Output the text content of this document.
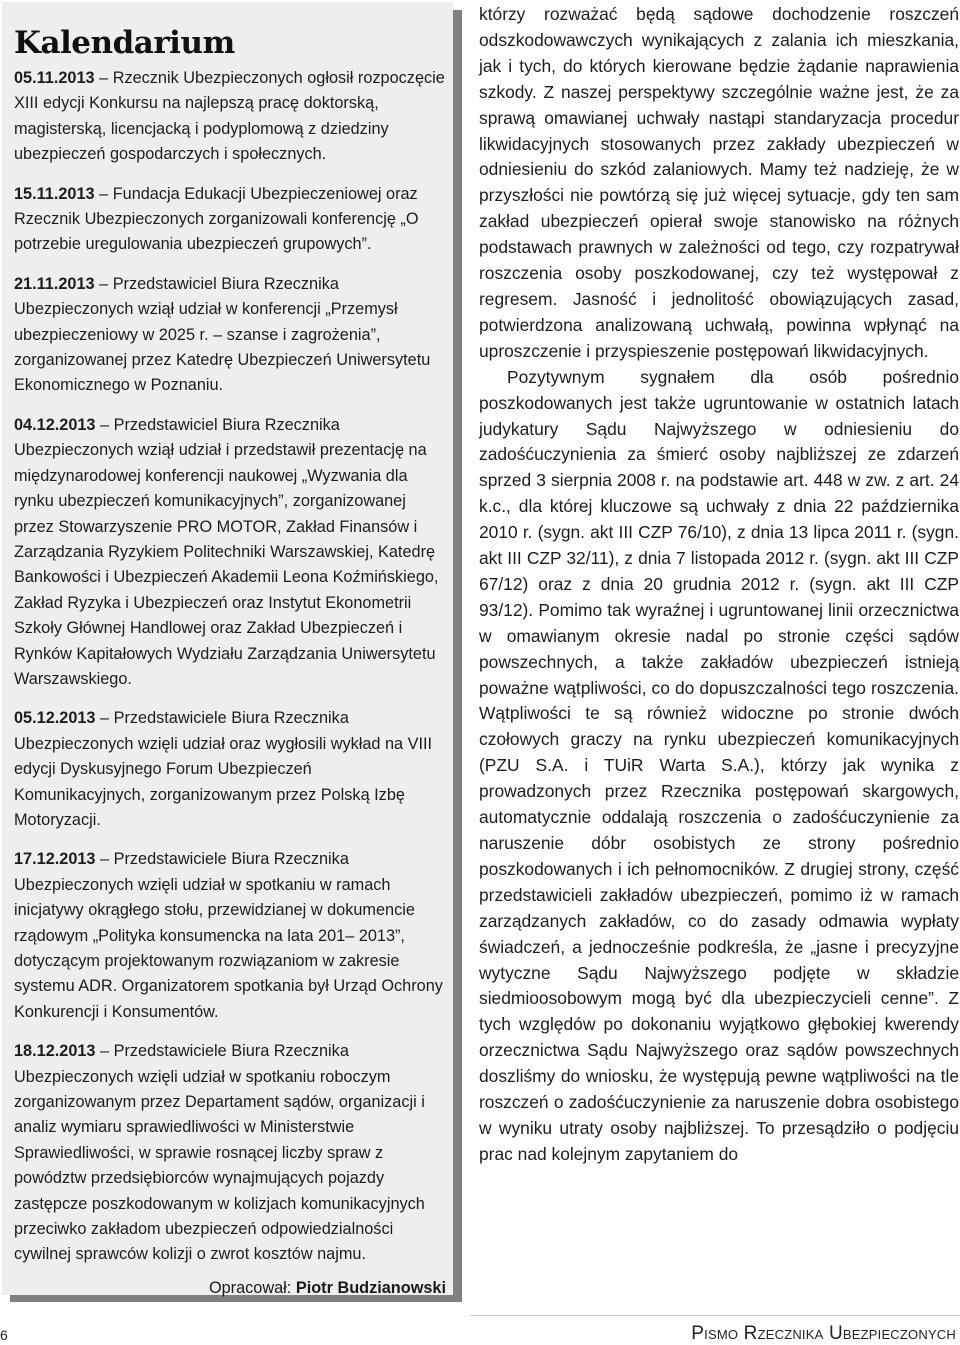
Kalendarium

05.11.2013 – Rzecznik Ubezpieczonych ogłosił rozpoczęcie XIII edycji Konkursu na najlepszą pracę doktorską, magisterską, licencjacką i podyplomową z dziedziny ubezpieczeń gospodarczych i społecznych.

15.11.2013 – Fundacja Edukacji Ubezpieczeniowej oraz Rzecznik Ubezpieczonych zorganizowali konferencję „O potrzebie uregulowania ubezpieczeń grupowych”.

21.11.2013 – Przedstawiciel Biura Rzecznika Ubezpieczonych wziął udział w konferencji „Przemysł ubezpieczeniowy w 2025 r. – szanse i zagrożenia”, zorganizowanej przez Katedrę Ubezpieczeń Uniwersytetu Ekonomicznego w Poznaniu.

04.12.2013 – Przedstawiciel Biura Rzecznika Ubezpieczonych wziął udział i przedstawił prezentację na międzynarodowej konferencji naukowej „Wyzwania dla rynku ubezpieczeń komunikacyjnych”, zorganizowanej przez Stowarzyszenie PRO MOTOR, Zakład Finansów i Zarządzania Ryzykiem Politechniki Warszawskiej, Katedrę Bankowości i Ubezpieczeń Akademii Leona Koźmińskiego, Zakład Ryzyka i Ubezpieczeń oraz Instytut Ekonometrii Szkoły Głównej Handlowej oraz Zakład Ubezpieczeń i Rynków Kapitałowych Wydziału Zarządzania Uniwersytetu Warszawskiego.

05.12.2013 – Przedstawiciele Biura Rzecznika Ubezpieczonych wzięli udział oraz wygłosili wykład na VIII edycji Dyskusyjnego Forum Ubezpieczeń Komunikacyjnych, zorganizowanym przez Polską Izbę Motoryzacji.

17.12.2013 – Przedstawiciele Biura Rzecznika Ubezpieczonych wzięli udział w spotkaniu w ramach inicjatywy okrągłego stołu, przewidzianej w dokumencie rządowym „Polityka konsumencka na lata 201– 2013”, dotyczącym projektowanym rozwiązaniom w zakresie systemu ADR. Organizatorem spotkania był Urząd Ochrony Konkurencji i Konsumentów.

18.12.2013 – Przedstawiciele Biura Rzecznika Ubezpieczonych wzięli udział w spotkaniu roboczym zorganizowanym przez Departament sądów, organizacji i analiz wymiaru sprawiedliwości w Ministerstwie Sprawiedliwości, w sprawie rosnącej liczby spraw z powództw przedsiębiorców wynajmujących pojazdy zastępcze poszkodowanym w kolizjach komunikacyjnych przeciwko zakładom ubezpieczeń odpowiedzialności cywilnej sprawców kolizji o zwrot kosztów najmu.

Opracował: Piotr Budzianowski

którzy rozważać będą sądowe dochodzenie roszczeń odszkodowawczych wynikających z zalania ich mieszkania, jak i tych, do których kierowane będzie żądanie naprawienia szkody. Z naszej perspektywy szczególnie ważne jest, że za sprawą omawianej uchwały nastąpi standaryzacja procedur likwidacyjnych stosowanych przez zakłady ubezpieczeń w odniesieniu do szkód zalaniowych. Mamy też nadzieję, że w przyszłości nie powtórzą się już więcej sytuacje, gdy ten sam zakład ubezpieczeń opierał swoje stanowisko na różnych podstawach prawnych w zależności od tego, czy rozpatrywał roszczenia osoby poszkodowanej, czy też występował z regresem. Jasność i jednolitość obowiązujących zasad, potwierdzona analizowaną uchwałą, powinna wpłynąć na uproszczenie i przyspieszenie postępowań likwidacyjnych.

Pozytywnym sygnałem dla osób pośrednio poszkodowanych jest także ugruntowanie w ostatnich latach judykatury Sądu Najwyższego w odniesieniu do zadośćuczynienia za śmierć osoby najbliższej ze zdarzeń sprzed 3 sierpnia 2008 r. na podstawie art. 448 w zw. z art. 24 k.c., dla której kluczowe są uchwały z dnia 22 października 2010 r. (sygn. akt III CZP 76/10), z dnia 13 lipca 2011 r. (sygn. akt III CZP 32/11), z dnia 7 listopada 2012 r. (sygn. akt III CZP 67/12) oraz z dnia 20 grudnia 2012 r. (sygn. akt III CZP 93/12). Pomimo tak wyraźnej i ugruntowanej linii orzecznictwa w omawianym okresie nadal po stronie części sądów powszechnych, a także zakładów ubezpieczeń istnieją poważne wątpliwości, co do dopuszczalności tego roszczenia. Wątpliwości te są również widoczne po stronie dwóch czołowych graczy na rynku ubezpieczeń komunikacyjnych (PZU S.A. i TUiR Warta S.A.), którzy jak wynika z prowadzonych przez Rzecznika postępowań skargowych, automatycznie oddalają roszczenia o zadośćuczynienie za naruszenie dóbr osobistych ze strony pośrednio poszkodowanych i ich pełnomocników. Z drugiej strony, część przedstawicieli zakładów ubezpieczeń, pomimo iż w ramach zarządzanych zakładów, co do zasady odmawia wypłaty świadczeń, a jednocześnie podkreśla, że „jasne i precyzyjne wytyczne Sądu Najwyższego podjęte w składzie siedmioosobowym mogą być dla ubezpieczycieli cenne”. Z tych względów po dokonaniu wyjątkowo głębokiej kwerendy orzecznictwa Sądu Najwyższego oraz sądów powszechnych doszliśmy do wniosku, że występują pewne wątpliwości na tle roszczeń o zadośćuczynienie za naruszenie dobra osobistego w wyniku utraty osoby najbliższej. To przesądziło o podjęciu prac nad kolejnym zapytaniem do

6	Pismo Rzecznika Ubezpieczonych
